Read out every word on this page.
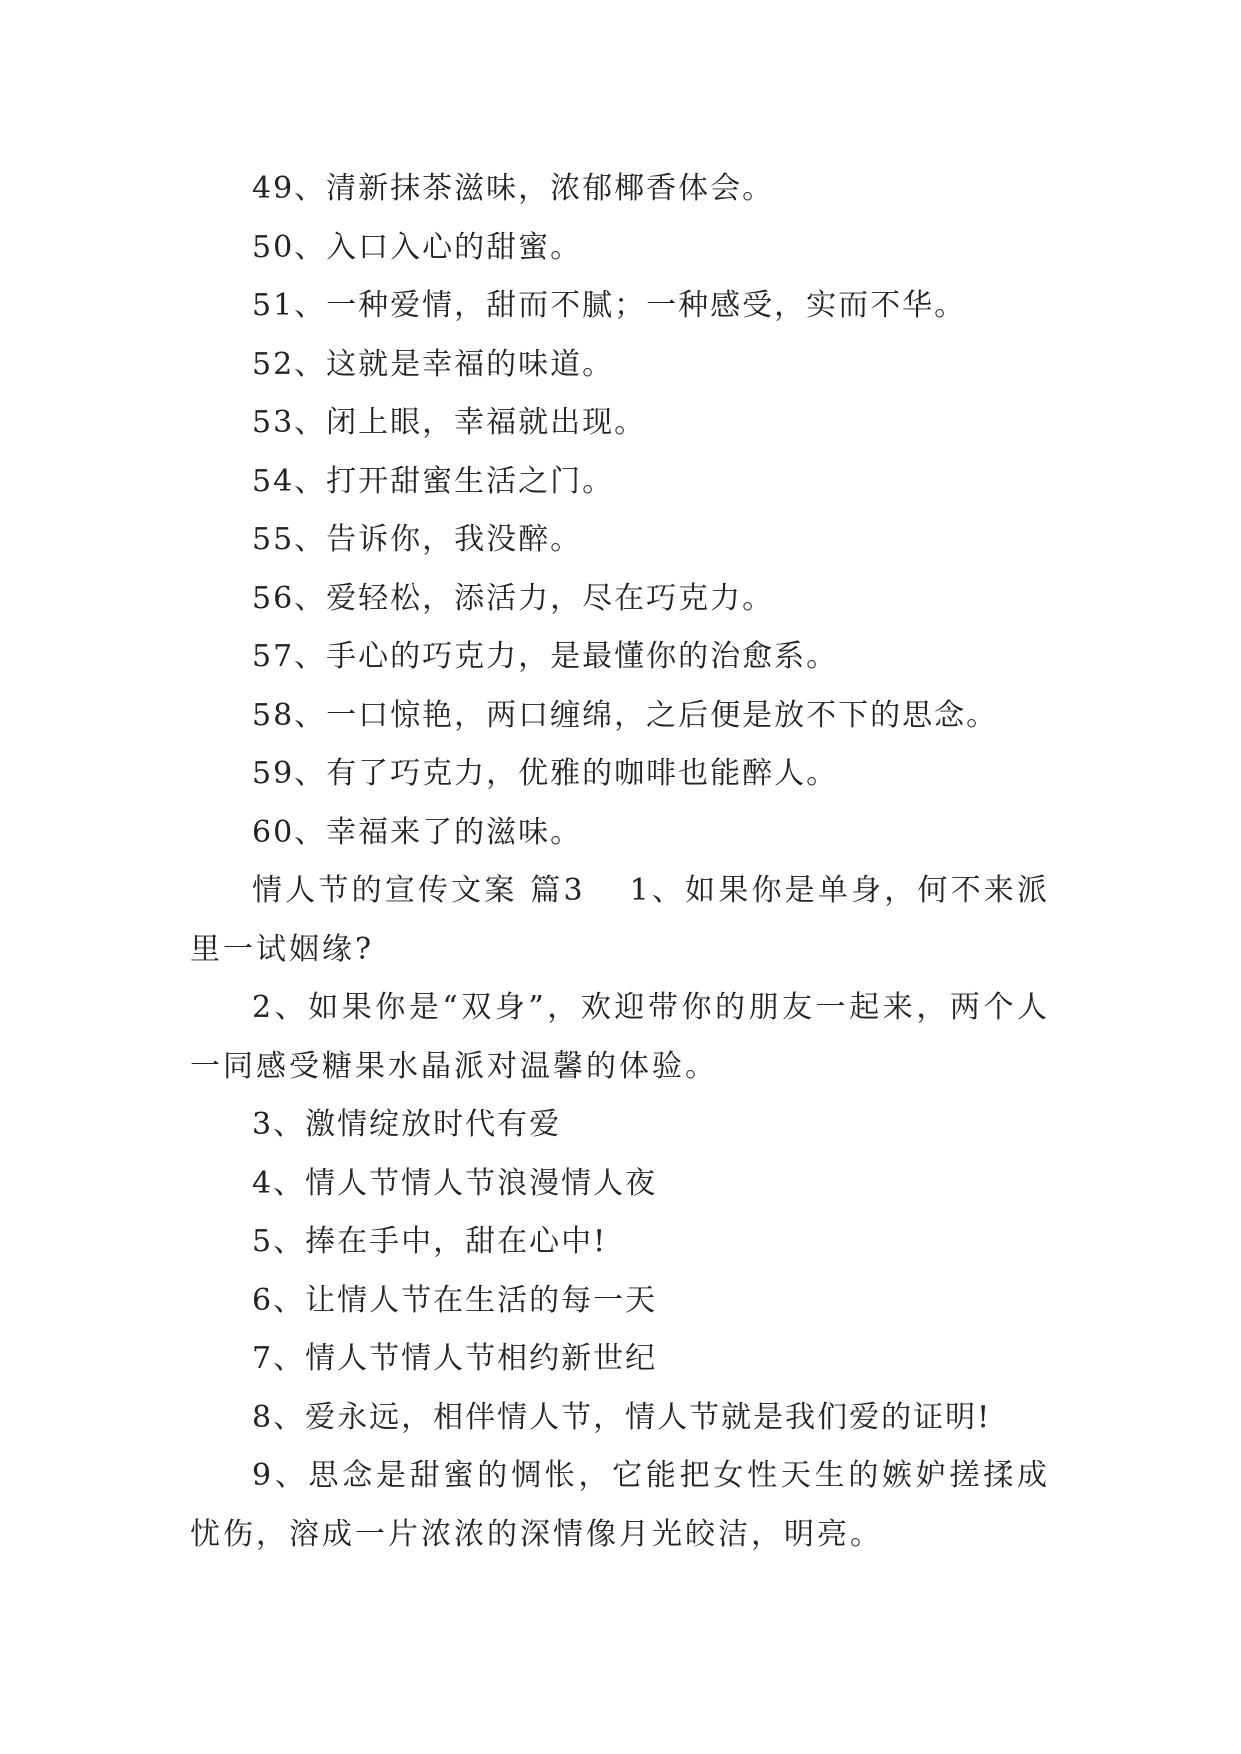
49、清新抹茶滋味，浓郁椰香体会。
50、入口入心的甜蜜。
51、一种爱情，甜而不腻；一种感受，实而不华。
52、这就是幸福的味道。
53、闭上眼，幸福就出现。
54、打开甜蜜生活之门。
55、告诉你，我没醉。
56、爱轻松，添活力，尽在巧克力。
57、手心的巧克力，是最懂你的治愈系。
58、一口惊艳，两口缠绵，之后便是放不下的思念。
59、有了巧克力，优雅的咖啡也能醉人。
60、幸福来了的滋味。
情人节的宣传文案 篇3 1、如果你是单身，何不来派里一试姻缘?
2、如果你是“双身”，欢迎带你的朋友一起来，两个人一同感受糖果水晶派对温馨的体验。
3、激情绽放时代有爱
4、情人节情人节浪漫情人夜
5、捧在手中，甜在心中!
6、让情人节在生活的每一天
7、情人节情人节相约新世纪
8、爱永远，相伴情人节，情人节就是我们爱的证明!
9、思念是甜蜜的惆怅，它能把女性天生的嫉妒搓揉成忧伤，溶成一片浓浓的深情像月光皎洁，明亮。
